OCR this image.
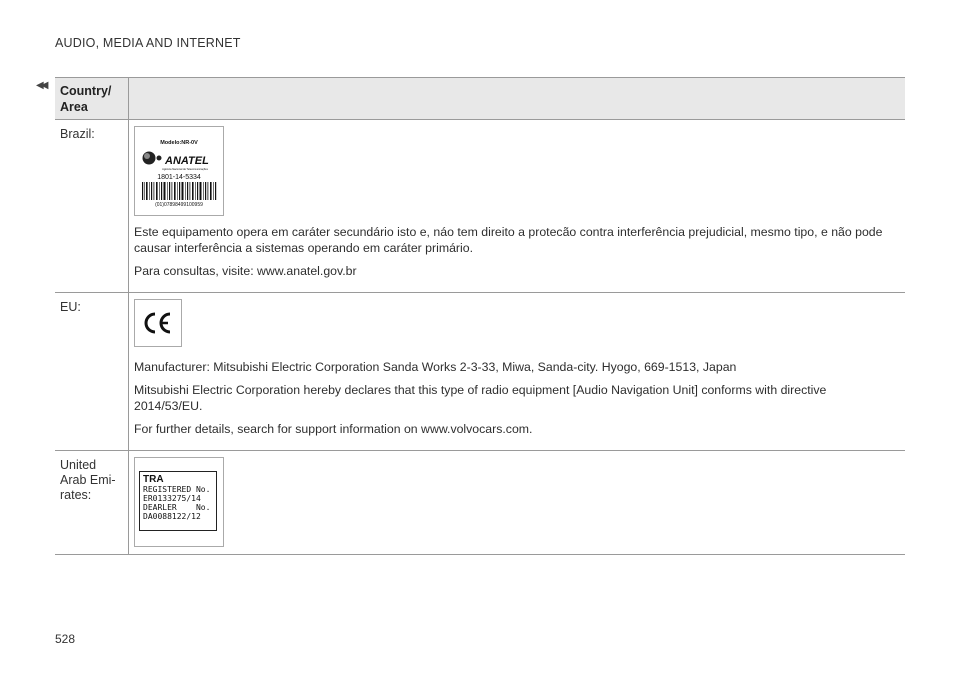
AUDIO, MEDIA AND INTERNET
◀◀ Country/ Area
Brazil:
Modelo:NR-0V
ANATEL
Agência Nacional de Telecomunicações
1801-14-5334
(01)07898499100959

Este equipamento opera em caráter secundário isto e, náo tem direito a protecão contra interferência prejudicial, mesmo tipo, e não pode causar interferência a sistemas operando em caráter primário.

Para consultas, visite: www.anatel.gov.br

EU:

Manufacturer: Mitsubishi Electric Corporation Sanda Works 2-3-33, Miwa, Sanda-city. Hyogo, 669-1513, Japan

Mitsubishi Electric Corporation hereby declares that this type of radio equipment [Audio Navigation Unit] conforms with directive 2014/53/EU.

For further details, search for support information on www.volvocars.com.

United Arab Emi-rates:
TRA
REGISTERED No.
ER0133275/14
DEARLER    No.
DA0088122/12
528
